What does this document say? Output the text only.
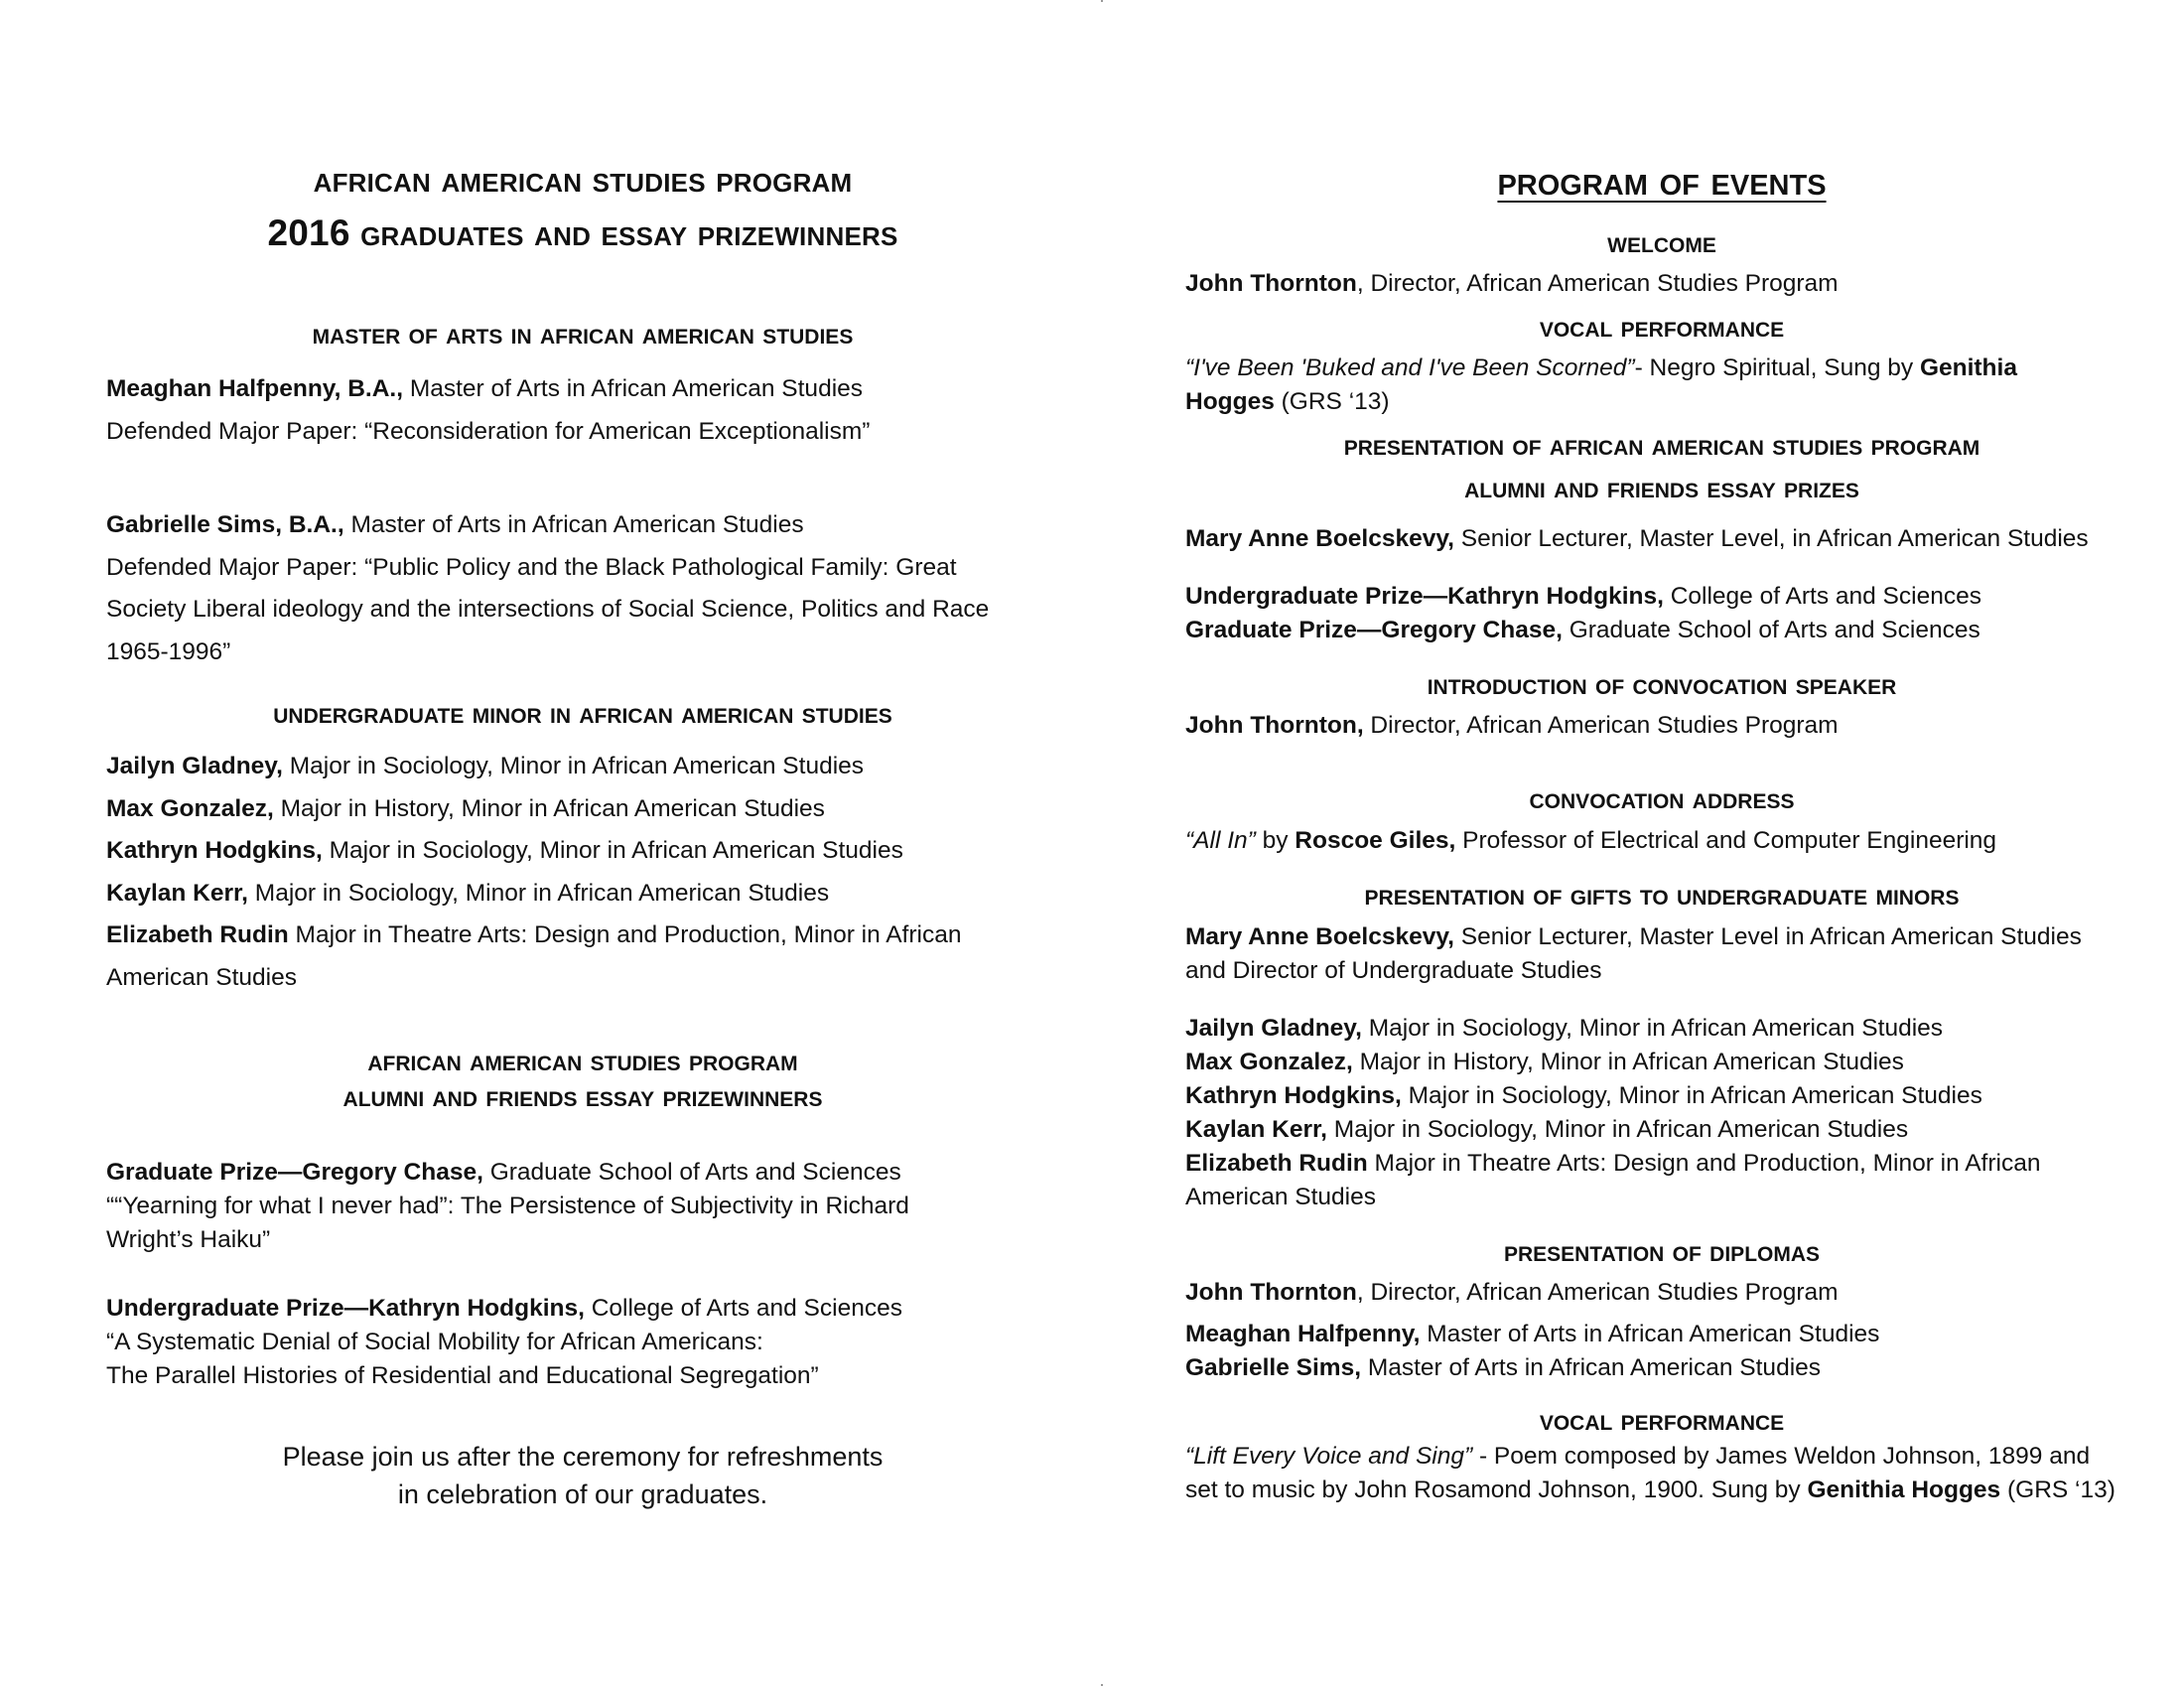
african american studies program
2016 graduates and essay prizewinners
master of arts in african american studies
Meaghan Halfpenny, B.A., Master of Arts in African American Studies
Defended Major Paper: “Reconsideration for American Exceptionalism”
Gabrielle Sims, B.A., Master of Arts in African American Studies
Defended Major Paper: “Public Policy and the Black Pathological Family: Great
Society Liberal ideology and the intersections of Social Science, Politics and Race
1965-1996”
undergraduate minor in african american studies
Jailyn Gladney, Major in Sociology, Minor in African American Studies
Max Gonzalez, Major in History, Minor in African American Studies
Kathryn Hodgkins, Major in Sociology, Minor in African American Studies
Kaylan Kerr, Major in Sociology, Minor in African American Studies
Elizabeth Rudin Major in Theatre Arts: Design and Production, Minor in African
American Studies
african american studies program
alumni and friends essay prizewinners
Graduate Prize—Gregory Chase, Graduate School of Arts and Sciences
““Yearning for what I never had”: The Persistence of Subjectivity in Richard
Wright’s Haiku”
Undergraduate Prize—Kathryn Hodgkins, College of Arts and Sciences
“A Systematic Denial of Social Mobility for African Americans:
The Parallel Histories of Residential and Educational Segregation”
Please join us after the ceremony for refreshments
in celebration of our graduates.
program of events
welcome
John Thornton, Director, African American Studies Program
vocal performance
“I've Been 'Buked and I've Been Scorned”- Negro Spiritual, Sung by Genithia
Hogges (GRS ‘13)
presentation of african american studies program
alumni and friends essay prizes
Mary Anne Boelcskevy, Senior Lecturer, Master Level, in African American Studies
Undergraduate Prize—Kathryn Hodgkins, College of Arts and Sciences
Graduate Prize—Gregory Chase, Graduate School of Arts and Sciences
introduction of convocation speaker
John Thornton, Director, African American Studies Program
convocation address
“All In” by Roscoe Giles, Professor of Electrical and Computer Engineering
presentation of gifts to undergraduate minors
Mary Anne Boelcskevy, Senior Lecturer, Master Level in African American Studies
and Director of Undergraduate Studies
Jailyn Gladney, Major in Sociology, Minor in African American Studies
Max Gonzalez, Major in History, Minor in African American Studies
Kathryn Hodgkins, Major in Sociology, Minor in African American Studies
Kaylan Kerr, Major in Sociology, Minor in African American Studies
Elizabeth Rudin Major in Theatre Arts: Design and Production, Minor in African
American Studies
presentation of diplomas
John Thornton, Director, African American Studies Program
Meaghan Halfpenny, Master of Arts in African American Studies
Gabrielle Sims, Master of Arts in African American Studies
vocal performance
“Lift Every Voice and Sing” - Poem composed by James Weldon Johnson, 1899 and
set to music by John Rosamond Johnson, 1900. Sung by Genithia Hogges (GRS ‘13)
